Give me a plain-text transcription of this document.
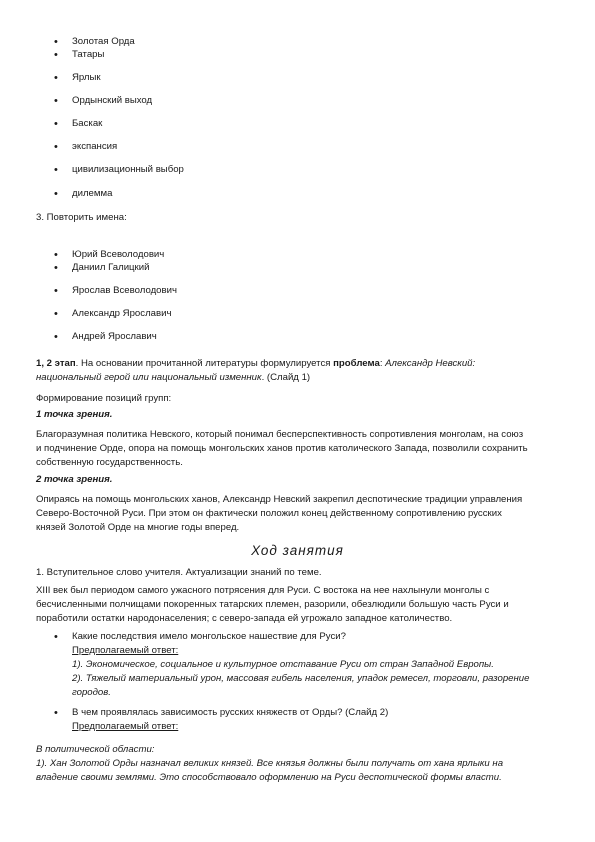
•	Золотая Орда
•	Татары
•	Ярлык
•	Ордынский выход
•	Баскак
•	экспансия
•	цивилизационный выбор
•	дилемма
3. Повторить имена:
•	Юрий Всеволодович
•	Даниил Галицкий
•	Ярослав Всеволодович
•	Александр Ярославич
•	Андрей Ярославич
1, 2 этап. На основании прочитанной литературы формулируется проблема: Александр Невский:
национальный герой или национальный изменник. (Слайд 1)
Формирование позиций групп:
1 точка зрения.
Благоразумная политика Невского, который понимал бесперспективность сопротивления монголам, на союз
и подчинение Орде, опора на помощь монгольских ханов против католического Запада, позволили сохранить
собственную государственность.
2 точка зрения.
Опираясь на помощь монгольских ханов, Александр Невский закрепил деспотические традиции управления
Северо-Восточной Руси. При этом он фактически положил конец действенному сопротивлению русских
князей Золотой Орде на многие годы вперед.
Ход занятия
1. Вступительное слово учителя. Актуализации знаний по теме.
XIII век был периодом самого ужасного потрясения для Руси. С востока на нее нахлынули монголы с
бесчисленными полчищами покоренных татарских племен, разорили, обезлюдили большую часть Руси и
поработили остатки народонаселения; с северо-запада ей угрожало западное католичество.
•	Какие последствия имело монгольское нашествие для Руси?
Предполагаемый ответ:
1). Экономическое, социальное и культурное отставание Руси от стран Западной Европы.
2). Тяжелый материальный урон, массовая гибель населения, упадок ремесел, торговли, разорение
городов.
•	В чем проявлялась зависимость русских княжеств от Орды? (Слайд 2)
Предполагаемый ответ:
В политической области:
1). Хан Золотой Орды назначал великих князей. Все князья должны были получать от хана ярлыки на
владение своими землями. Это способствовало оформлению на Руси деспотической формы власти.
